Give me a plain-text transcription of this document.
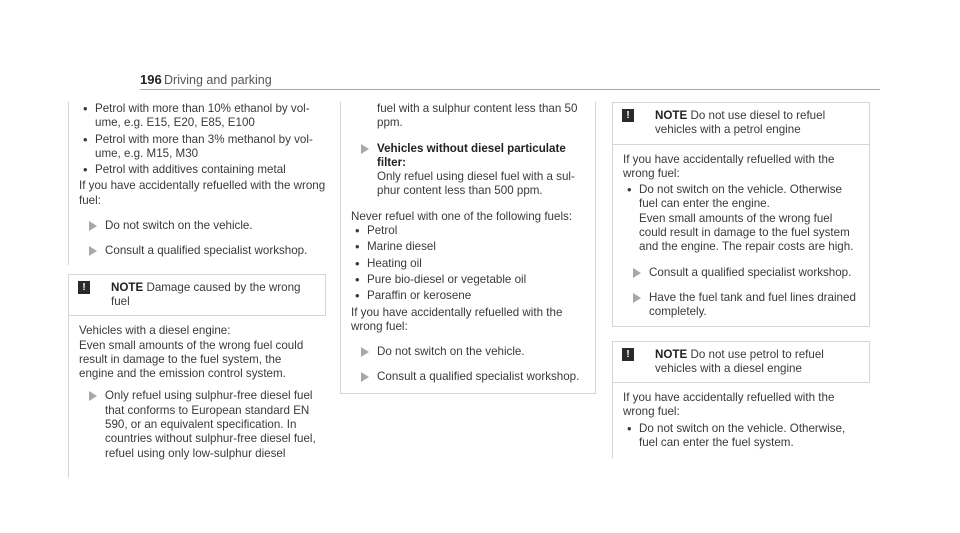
196 Driving and parking
• Petrol with more than 10% ethanol by vol‐ ume, e.g. E15, E20, E85, E100
• Petrol with more than 3% methanol by vol‐ ume, e.g. M15, M30
• Petrol with additives containing metal

If you have accidentally refuelled with the wrong fuel:

Do not switch on the vehicle.
Consult a qualified specialist workshop.
!	NOTE Damage caused by the wrong fuel

Vehicles with a diesel engine:

Even small amounts of the wrong fuel could result in damage to the fuel system, the engine and the emission control system.

Only refuel using sulphur-free diesel fuel that conforms to European standard EN 590, or an equivalent specification. In countries without sulphur-free diesel fuel, refuel using only low-sulphur diesel
fuel with a sulphur content less than 50 ppm.
Vehicles without diesel particulate filter:
Only refuel using diesel fuel with a sul‐ phur content less than 500 ppm.

Never refuel with one of the following fuels:

• Petrol
• Marine diesel
• Heating oil
• Pure bio-diesel or vegetable oil
• Paraffin or kerosene

If you have accidentally refuelled with the wrong fuel:

Do not switch on the vehicle.
Consult a qualified specialist workshop.
!	NOTE Do not use diesel to refuel vehicles with a petrol engine

If you have accidentally refuelled with the wrong fuel:

• Do not switch on the vehicle. Otherwise fuel can enter the engine.

Even small amounts of the wrong fuel could result in damage to the fuel system and the engine. The repair costs are high.

Consult a qualified specialist workshop.
Have the fuel tank and fuel lines drained completely.
!	NOTE Do not use petrol to refuel vehicles with a diesel engine

If you have accidentally refuelled with the wrong fuel:

• Do not switch on the vehicle. Otherwise, fuel can enter the fuel system.
